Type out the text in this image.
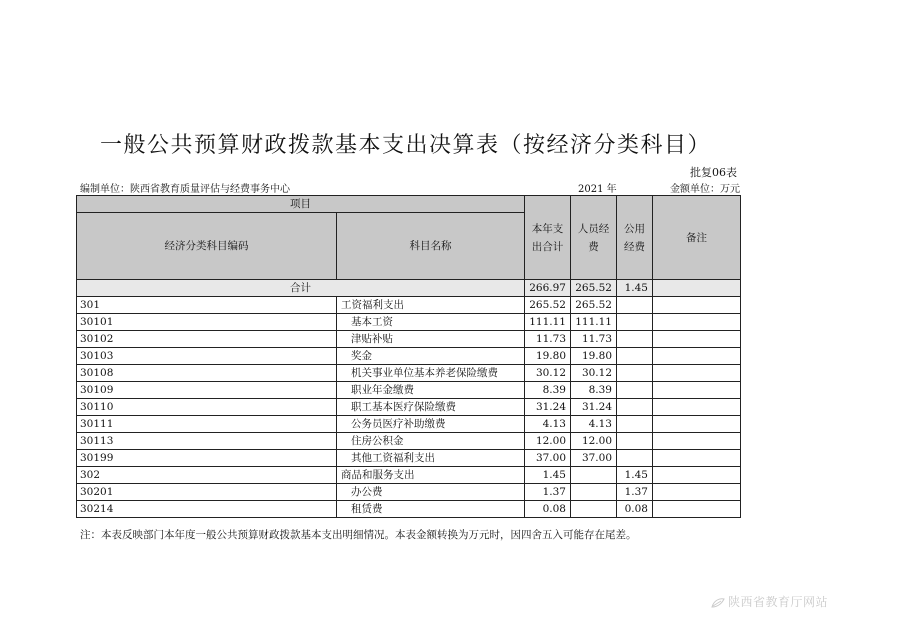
一般公共预算财政拨款基本支出决算表（按经济分类科目）
批复06表
编制单位：陕西省教育质量评估与经费事务中心	2021 年	金额单位：万元
项目		本年支出合计	人员经费	公用经费	备注
经济分类科目编码	科目名称				
合计		266.97	265.52	1.45	
301	工资福利支出	265.52	265.52		
30101	基本工资	111.11	111.11		
30102	津贴补贴	11.73	11.73		
30103	奖金	19.80	19.80		
30108	机关事业单位基本养老保险缴费	30.12	30.12		
30109	职业年金缴费	8.39	8.39		
30110	职工基本医疗保险缴费	31.24	31.24		
30111	公务员医疗补助缴费	4.13	4.13		
30113	住房公积金	12.00	12.00		
30199	其他工资福利支出	37.00	37.00		
302	商品和服务支出	1.45		1.45	
30201	办公费	1.37		1.37	
30214	租赁费	0.08		0.08	
注：本表反映部门本年度一般公共预算财政拨款基本支出明细情况。本表金额转换为万元时，因四舍五入可能存在尾差。
陕西省教育厅网站
